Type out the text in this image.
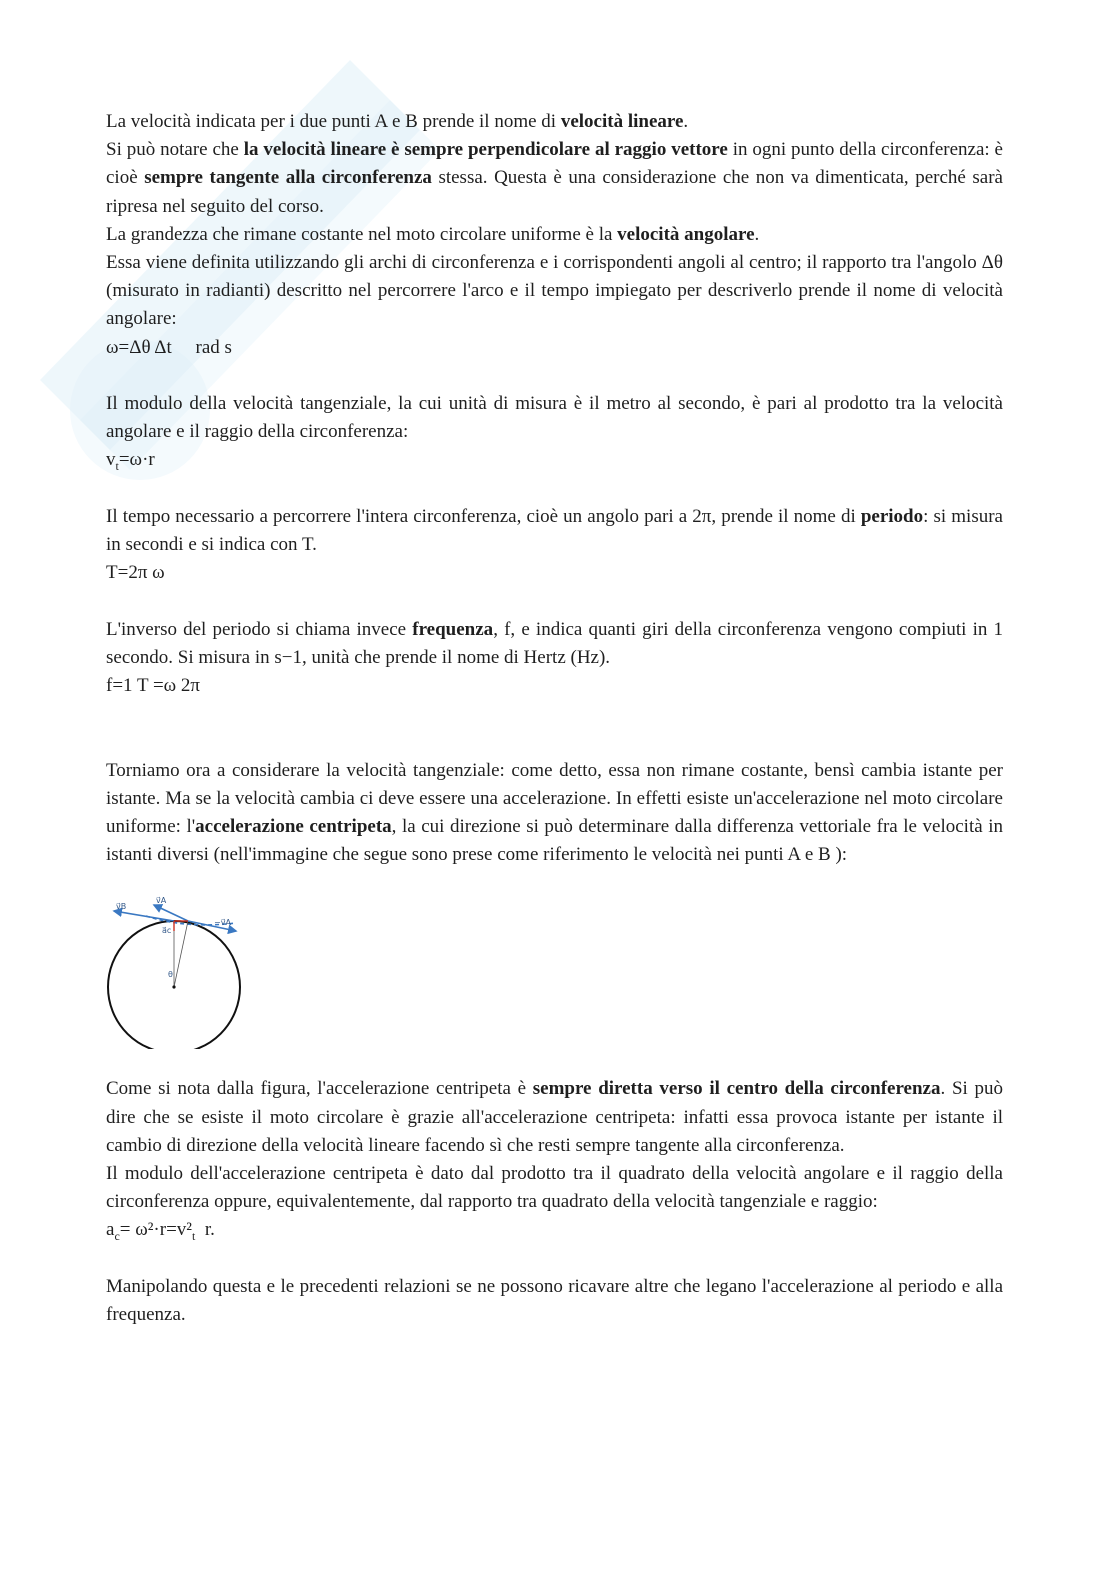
La velocità indicata per i due punti A e B prende il nome di velocità lineare.

Si può notare che la velocità lineare è sempre perpendicolare al raggio vettore in ogni punto della circonferenza: è cioè sempre tangente alla circonferenza stessa. Questa è una considerazione che non va dimenticata, perché sarà ripresa nel seguito del corso.

La grandezza che rimane costante nel moto circolare uniforme è la velocità angolare.

Essa viene definita utilizzando gli archi di circonferenza e i corrispondenti angoli al centro; il rapporto tra l'angolo Δθ (misurato in radianti) descritto nel percorrere l'arco e il tempo impiegato per descriverlo prende il nome di velocità angolare:

ω=Δθ Δt     rad s

Il modulo della velocità tangenziale, la cui unità di misura è il metro al secondo, è pari al prodotto tra la velocità angolare e il raggio della circonferenza:

$v_t=\omega\cdot r$

Il tempo necessario a percorrere l'intera circonferenza, cioè un angolo pari a 2π, prende il nome di periodo: si misura in secondi e si indica con T.

T=2π ω

L'inverso del periodo si chiama invece frequenza, f, e indica quanti giri della circonferenza vengono compiuti in 1 secondo. Si misura in s−1, unità che prende il nome di Hertz (Hz).

f=1 T =ω 2π

Torniamo ora a considerare la velocità tangenziale: come detto, essa non rimane costante, bensì cambia istante per istante. Ma se la velocità cambia ci deve essere una accelerazione. In effetti esiste un'accelerazione nel moto circolare uniforme: l'accelerazione centripeta, la cui direzione si può determinare dalla differenza vettoriale fra le velocità in istanti diversi (nell'immagine che segue sono prese come riferimento le velocità nei punti A e B ):

v⃗B
v⃗A
−v⃗A
a⃗c
θ

Come si nota dalla figura, l'accelerazione centripeta è sempre diretta verso il centro della circonferenza. Si può dire che se esiste il moto circolare è grazie all'accelerazione centripeta: infatti essa provoca istante per istante il cambio di direzione della velocità lineare facendo sì che resti sempre tangente alla circonferenza.

Il modulo dell'accelerazione centripeta è dato dal prodotto tra il quadrato della velocità angolare e il raggio della circonferenza oppure, equivalentemente, dal rapporto tra quadrato della velocità tangenziale e raggio:

$a_c= \omega^2\cdot r=v^2_t$  r.

Manipolando questa e le precedenti relazioni se ne possono ricavare altre che legano l'accelerazione al periodo e alla frequenza.
